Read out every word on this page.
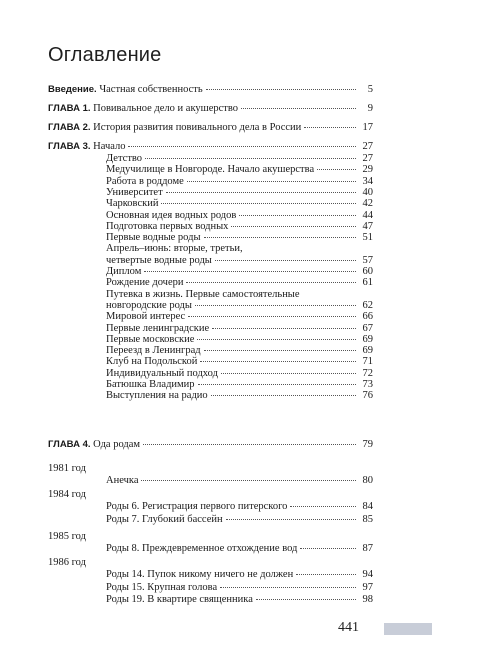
Оглавление
Введение. Частная собственность	5
ГЛАВА 1. Повивальное дело и акушерство	9
ГЛАВА 2. История развития повивального дела в России	17
ГЛАВА 3. Начало	27
Детство	27
Медучилище в Новгороде. Начало акушерства	29
Работа в роддоме	34
Университет	40
Чарковский	42
Основная идея водных родов	44
Подготовка первых водных	47
Первые водные роды	51
Апрель–июнь: вторые, третьи,
четвертые водные роды	57
Диплом	60
Рождение дочери	61
Путевка в жизнь. Первые самостоятельные
новгородские роды	62
Мировой интерес	66
Первые ленинградские	67
Первые московские	69
Переезд в Ленинград	69
Клуб на Подольской	71
Индивидуальный подход	72
Батюшка Владимир	73
Выступления на радио	76
ГЛАВА 4. Ода родам	79
1981 год
Анечка	80
1984 год
Роды 6. Регистрация первого питерского	84
Роды 7. Глубокий бассейн	85
1985 год
Роды 8. Преждевременное отхождение вод	87
1986 год
Роды 14. Пупок никому ничего не должен	94
Роды 15. Крупная голова	97
Роды 19. В квартире священника	98
441
